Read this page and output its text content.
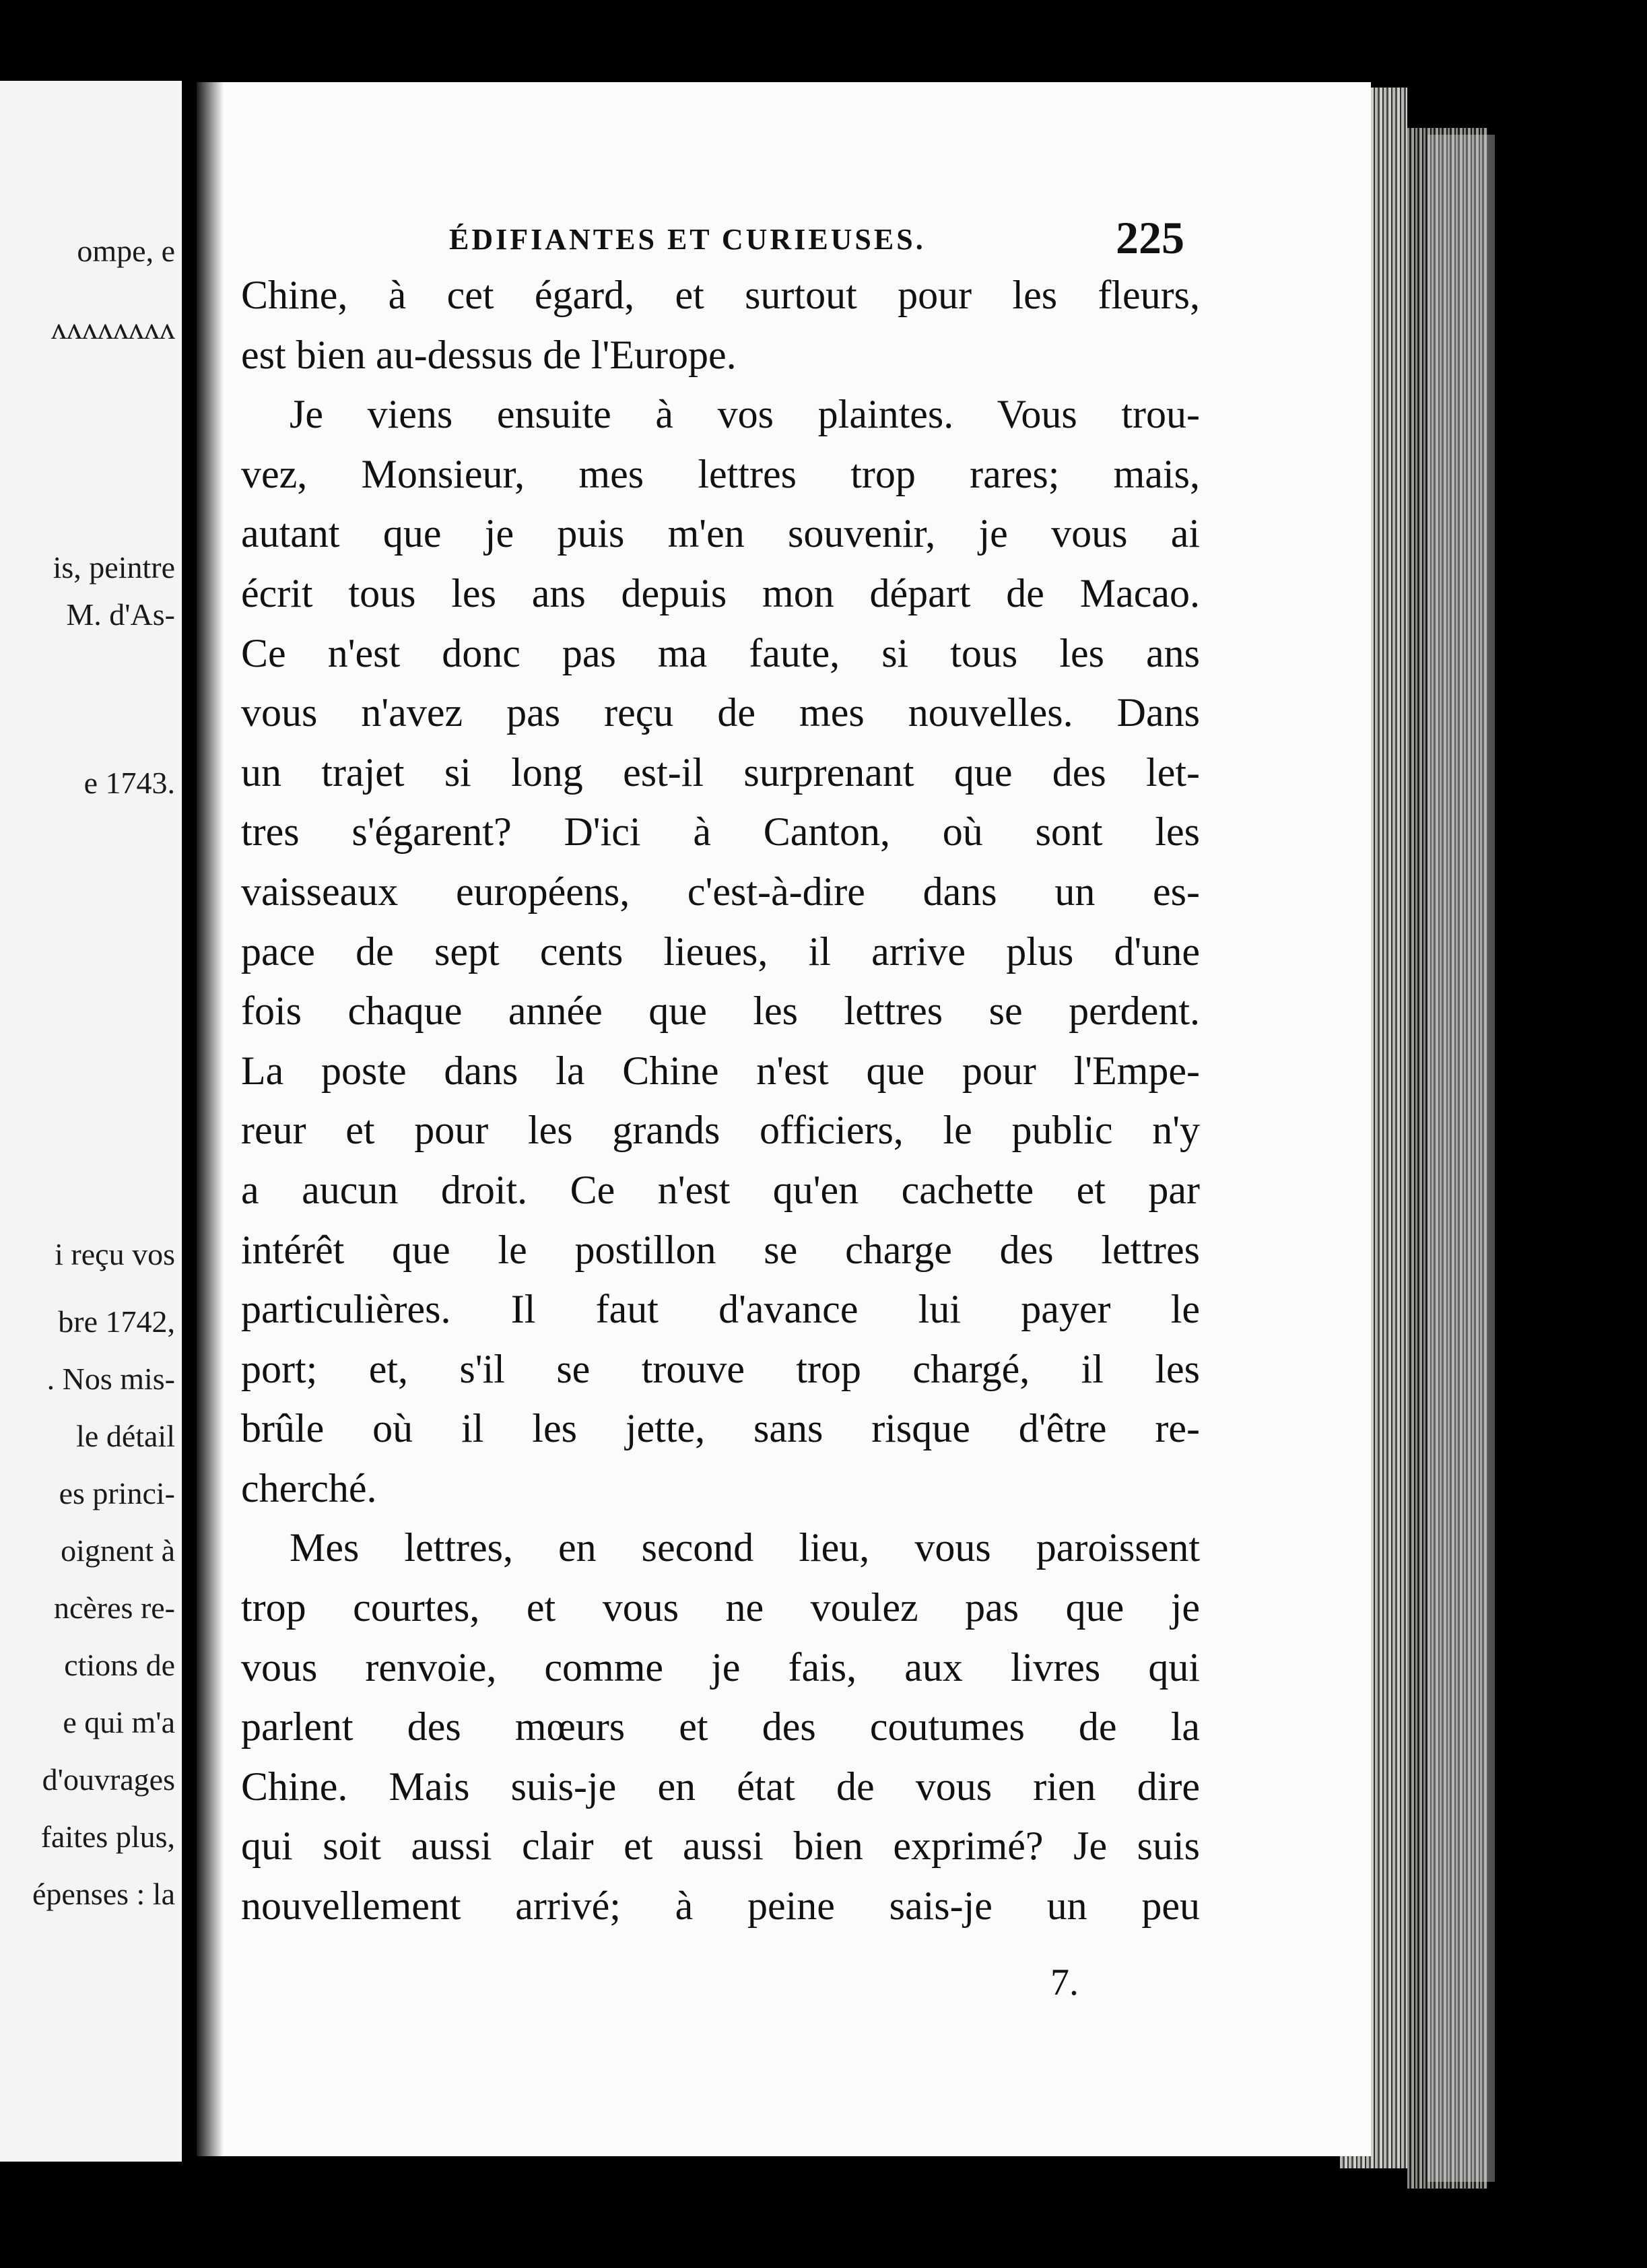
ompe, e
ʌʌʌʌʌʌʌʌ
is, peintre
M. d'As-
e 1743.
i reçu vos
bre 1742,
. Nos mis-
le détail
es princi-
oignent à
ncères re-
ctions de
e qui m'a
d'ouvrages
faites plus,
épenses : la
ÉDIFIANTES ET CURIEUSES.	225
Chine, à cet égard, et surtout pour les fleurs,
est bien au-dessus de l'Europe.
Je viens ensuite à vos plaintes. Vous trou-
vez, Monsieur, mes lettres trop rares; mais,
autant que je puis m'en souvenir, je vous ai
écrit tous les ans depuis mon départ de Macao.
Ce n'est donc pas ma faute, si tous les ans
vous n'avez pas reçu de mes nouvelles. Dans
un trajet si long est-il surprenant que des let-
tres s'égarent? D'ici à Canton, où sont les
vaisseaux européens, c'est-à-dire dans un es-
pace de sept cents lieues, il arrive plus d'une
fois chaque année que les lettres se perdent.
La poste dans la Chine n'est que pour l'Empe-
reur et pour les grands officiers, le public n'y
a aucun droit. Ce n'est qu'en cachette et par
intérêt que le postillon se charge des lettres
particulières. Il faut d'avance lui payer le
port; et, s'il se trouve trop chargé, il les
brûle où il les jette, sans risque d'être re-
cherché.
Mes lettres, en second lieu, vous paroissent
trop courtes, et vous ne voulez pas que je
vous renvoie, comme je fais, aux livres qui
parlent des mœurs et des coutumes de la
Chine. Mais suis-je en état de vous rien dire
qui soit aussi clair et aussi bien exprimé? Je suis
nouvellement arrivé; à peine sais-je un peu
7.
